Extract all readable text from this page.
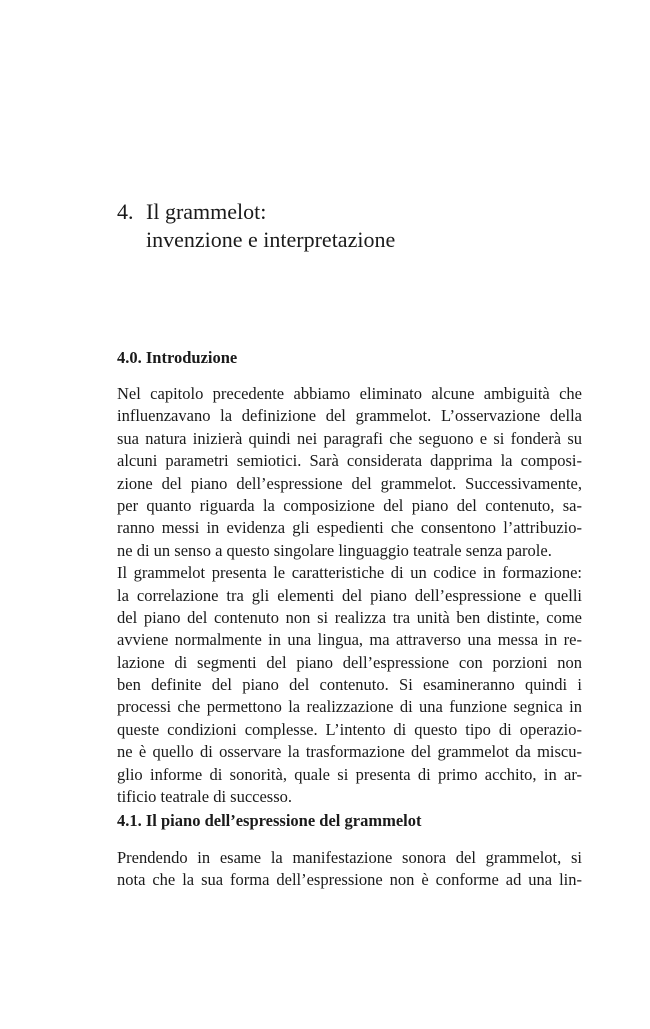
4. Il grammelot:
invenzione e interpretazione
4.0. Introduzione
Nel capitolo precedente abbiamo eliminato alcune ambiguità che
influenzavano la definizione del grammelot. L’osservazione della
sua natura inizierà quindi nei paragrafi che seguono e si fonderà su
alcuni parametri semiotici. Sarà considerata dapprima la composi-
zione del piano dell’espressione del grammelot. Successivamente,
per quanto riguarda la composizione del piano del contenuto, sa-
ranno messi in evidenza gli espedienti che consentono l’attribuzio-
ne di un senso a questo singolare linguaggio teatrale senza parole.
Il grammelot presenta le caratteristiche di un codice in formazione:
la correlazione tra gli elementi del piano dell’espressione e quelli
del piano del contenuto non si realizza tra unità ben distinte, come
avviene normalmente in una lingua, ma attraverso una messa in re-
lazione di segmenti del piano dell’espressione con porzioni non
ben definite del piano del contenuto. Si esamineranno quindi i
processi che permettono la realizzazione di una funzione segnica in
queste condizioni complesse. L’intento di questo tipo di operazio-
ne è quello di osservare la trasformazione del grammelot da miscu-
glio informe di sonorità, quale si presenta di primo acchito, in ar-
tificio teatrale di successo.
4.1. Il piano dell’espressione del grammelot
Prendendo in esame la manifestazione sonora del grammelot, si
nota che la sua forma dell’espressione non è conforme ad una lin-
